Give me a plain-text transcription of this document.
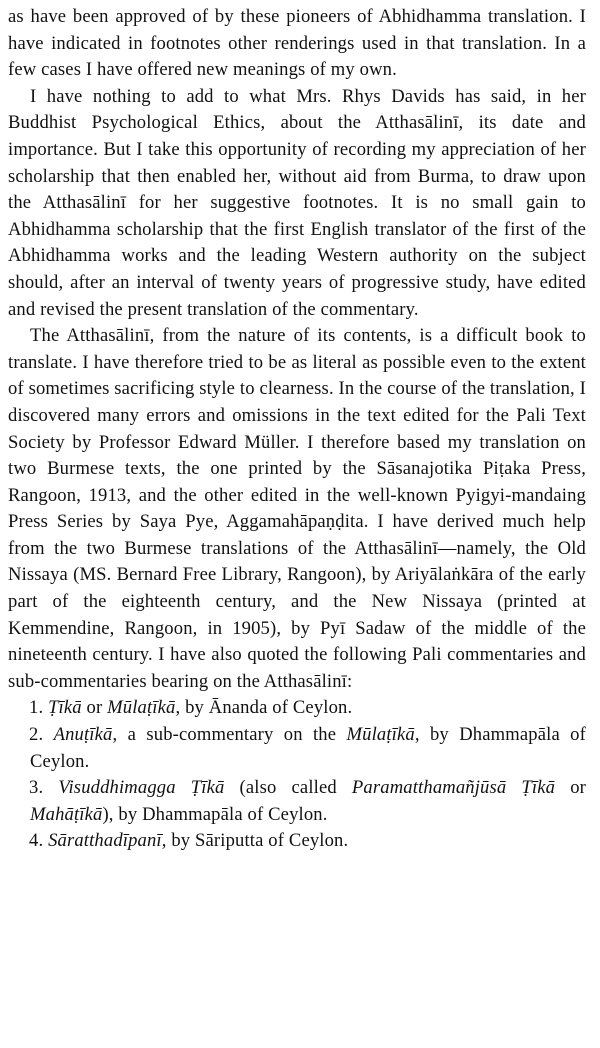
as have been approved of by these pioneers of Abhidhamma translation. I have indicated in footnotes other renderings used in that translation. In a few cases I have offered new meanings of my own.

I have nothing to add to what Mrs. Rhys Davids has said, in her Buddhist Psychological Ethics, about the Atthasālinī, its date and importance. But I take this opportunity of recording my appreciation of her scholarship that then enabled her, without aid from Burma, to draw upon the Atthasālinī for her suggestive footnotes. It is no small gain to Abhidhamma scholarship that the first English translator of the first of the Abhidhamma works and the leading Western authority on the subject should, after an interval of twenty years of progressive study, have edited and revised the present translation of the commentary.

The Atthasālinī, from the nature of its contents, is a difficult book to translate. I have therefore tried to be as literal as possible even to the extent of sometimes sacrificing style to clearness. In the course of the translation, I discovered many errors and omissions in the text edited for the Pali Text Society by Professor Edward Müller. I therefore based my translation on two Burmese texts, the one printed by the Sāsanajotika Piṭaka Press, Rangoon, 1913, and the other edited in the well-known Pyigyi-mandaing Press Series by Saya Pye, Aggamahāpaṇḍita. I have derived much help from the two Burmese translations of the Atthasālinī—namely, the Old Nissaya (MS. Bernard Free Library, Rangoon), by Ariyālaṅkāra of the early part of the eighteenth century, and the New Nissaya (printed at Kemmendine, Rangoon, in 1905), by Pyī Sadaw of the middle of the nineteenth century. I have also quoted the following Pali commentaries and sub-commentaries bearing on the Atthasālinī:

1. Ṭīkā or Mūlaṭīkā, by Ānanda of Ceylon.
2. Anuṭīkā, a sub-commentary on the Mūlaṭīkā, by Dhammapāla of Ceylon.
3. Visuddhimagga Ṭīkā (also called Paramatthamañjūsā Ṭīkā or Mahāṭīkā), by Dhammapāla of Ceylon.
4. Sāratthadīpanī, by Sāriputta of Ceylon.
